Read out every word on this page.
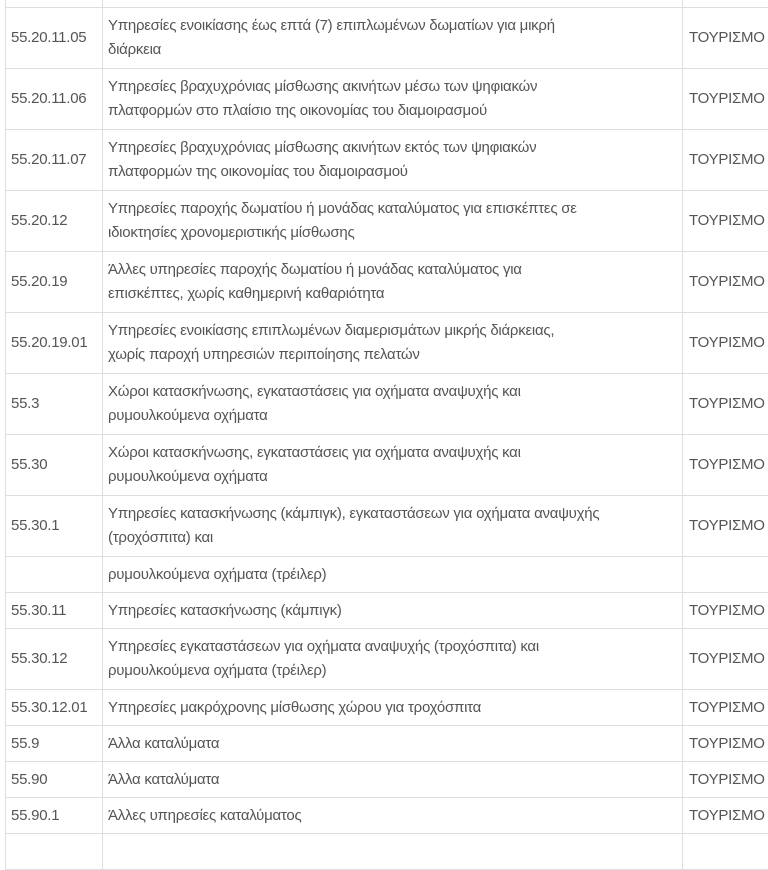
55.20.11.05	Υπηρεσίες ενοικίασης έως επτά (7) επιπλωμένων δωματίων για μικρή
διάρκεια	ΤΟΥΡΙΣΜΟ
55.20.11.06	Υπηρεσίες βραχυχρόνιας μίσθωσης ακινήτων μέσω των ψηφιακών
πλατφορμών στο πλαίσιο της οικονομίας του διαμοιρασμού	ΤΟΥΡΙΣΜΟ
55.20.11.07	Υπηρεσίες βραχυχρόνιας μίσθωσης ακινήτων εκτός των ψηφιακών
πλατφορμών της οικονομίας του διαμοιρασμού	ΤΟΥΡΙΣΜΟ
55.20.12	Υπηρεσίες παροχής δωματίου ή μονάδας καταλύματος για επισκέπτες σε
ιδιοκτησίες χρονομεριστικής μίσθωσης	ΤΟΥΡΙΣΜΟ
55.20.19	Άλλες υπηρεσίες παροχής δωματίου ή μονάδας καταλύματος για
επισκέπτες, χωρίς καθημερινή καθαριότητα	ΤΟΥΡΙΣΜΟ
55.20.19.01	Υπηρεσίες ενοικίασης επιπλωμένων διαμερισμάτων μικρής διάρκειας,
χωρίς παροχή υπηρεσιών περιποίησης πελατών	ΤΟΥΡΙΣΜΟ
55.3	Χώροι κατασκήνωσης, εγκαταστάσεις για οχήματα αναψυχής και
ρυμουλκούμενα οχήματα	ΤΟΥΡΙΣΜΟ
55.30	Χώροι κατασκήνωσης, εγκαταστάσεις για οχήματα αναψυχής και
ρυμουλκούμενα οχήματα	ΤΟΥΡΙΣΜΟ
55.30.1	Υπηρεσίες κατασκήνωσης (κάμπιγκ), εγκαταστάσεων για οχήματα αναψυχής
(τροχόσπιτα) και	ΤΟΥΡΙΣΜΟ

	ρυμουλκούμενα οχήματα (τρέιλερ)	

55.30.11	Υπηρεσίες κατασκήνωσης (κάμπιγκ)	ΤΟΥΡΙΣΜΟ
55.30.12	Υπηρεσίες εγκαταστάσεων για οχήματα αναψυχής (τροχόσπιτα) και
ρυμουλκούμενα οχήματα (τρέιλερ)	ΤΟΥΡΙΣΜΟ
55.30.12.01	Υπηρεσίες μακρόχρονης μίσθωσης χώρου για τροχόσπιτα	ΤΟΥΡΙΣΜΟ
55.9	Άλλα καταλύματα	ΤΟΥΡΙΣΜΟ
55.90	Άλλα καταλύματα	ΤΟΥΡΙΣΜΟ
55.90.1	Άλλες υπηρεσίες καταλύματος	ΤΟΥΡΙΣΜΟ
